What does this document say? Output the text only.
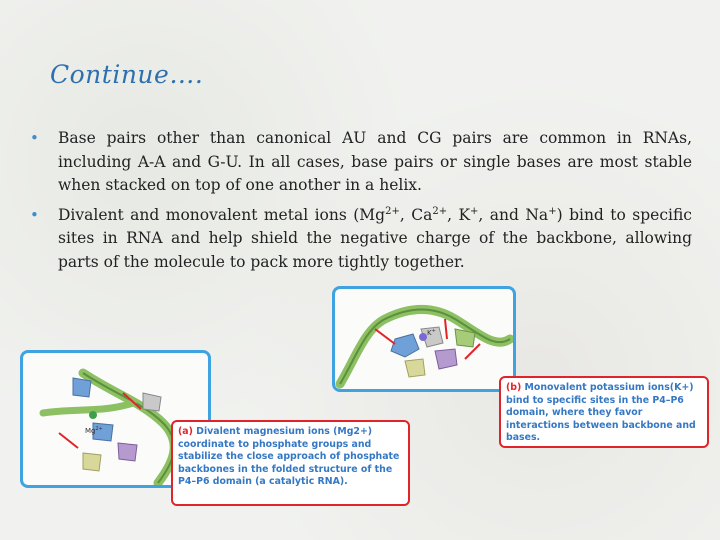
Continue….
• Base pairs other than canonical AU and CG pairs are common in RNAs, including A-A and G-U. In all cases, base pairs or single bases are most stable when stacked on top of one another in a helix.
• Divalent and monovalent metal ions ($Mg^{2+}$, $Ca^{2+}$, K+, and Na+) bind to specific sites in RNA and help shield the negative charge of the backbone, allowing parts of the molecule to pack more tightly together.
K+
$Mg^{2+}$	(a) Divalent magnesium ions (Mg2+) coordinate to phosphate groups and stabilize the close approach of phosphate backbones in the folded structure of the P4–P6 domain (a catalytic RNA).
(b) Monovalent potassium ions(K+) bind to specific sites in the P4–P6 domain, where they favor interactions between backbone and bases.
